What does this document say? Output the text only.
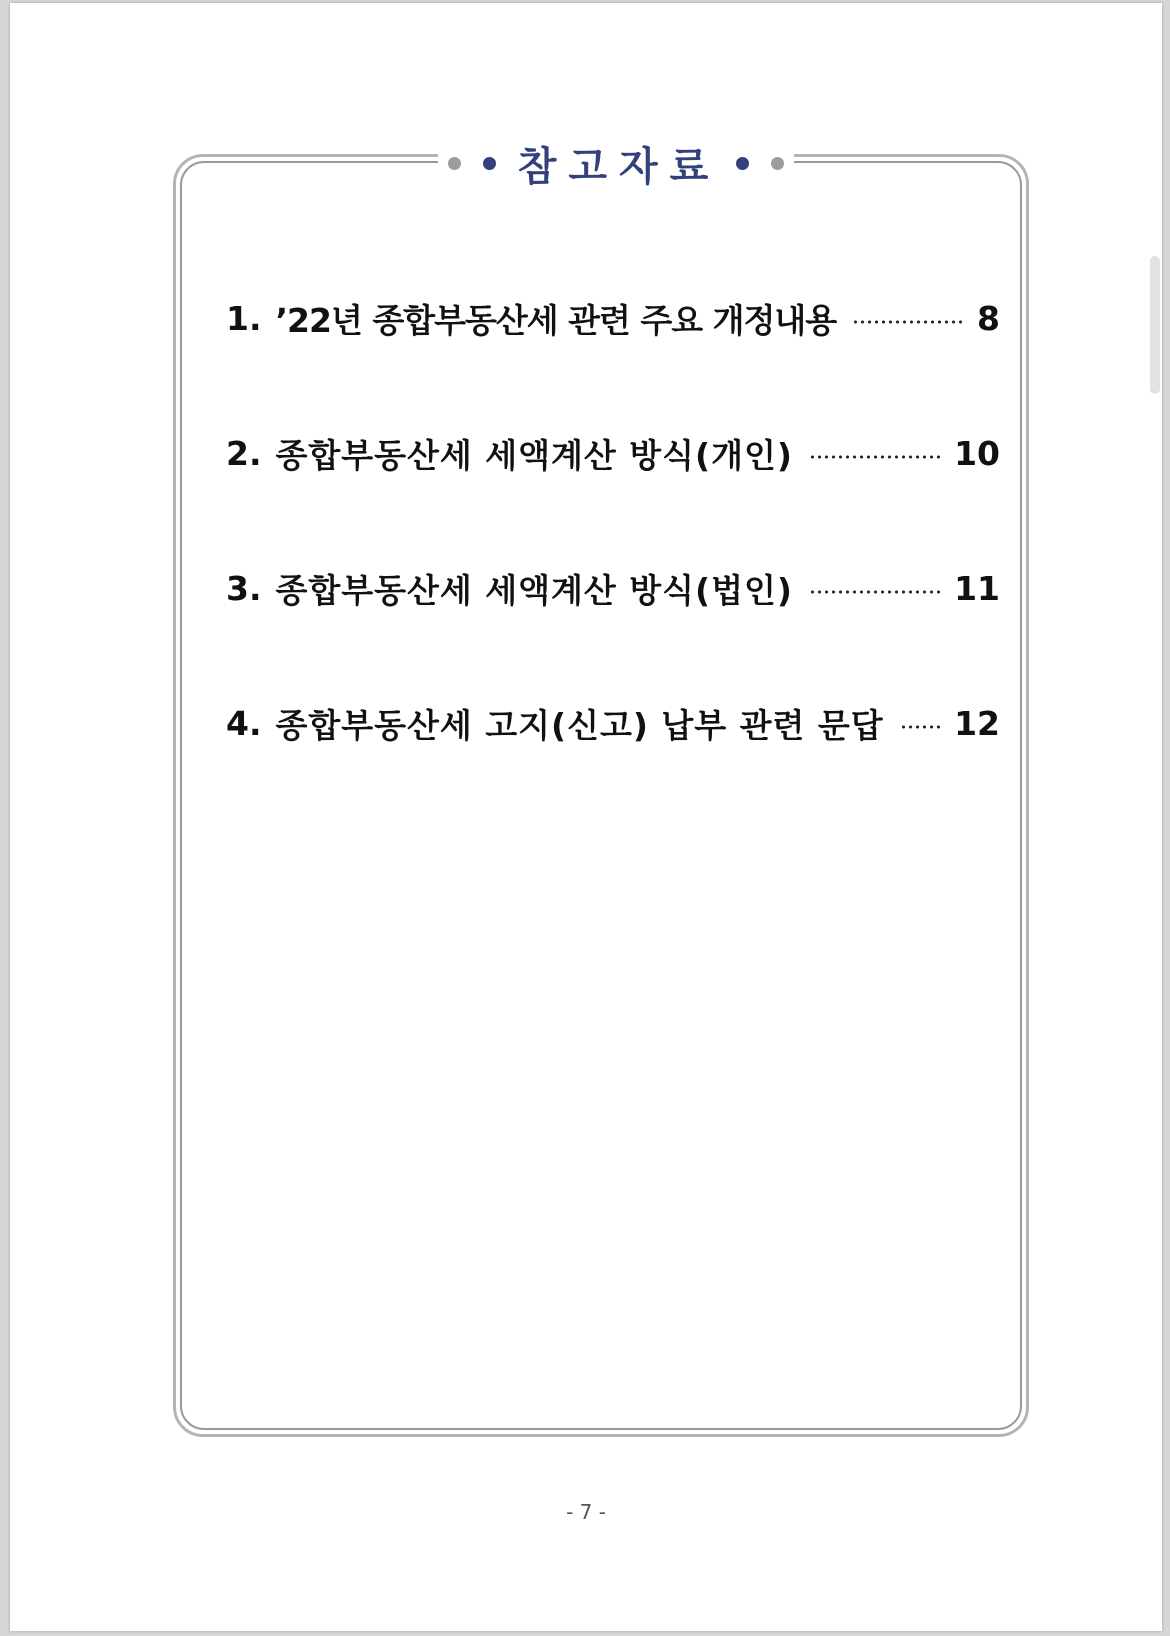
참고자료
1. ’22년 종합부동산세 관련 주요 개정내용	8
2. 종합부동산세 세액계산 방식(개인)	10
3. 종합부동산세 세액계산 방식(법인)	11
4. 종합부동산세 고지(신고) 납부 관련 문답 12
- 7 -
